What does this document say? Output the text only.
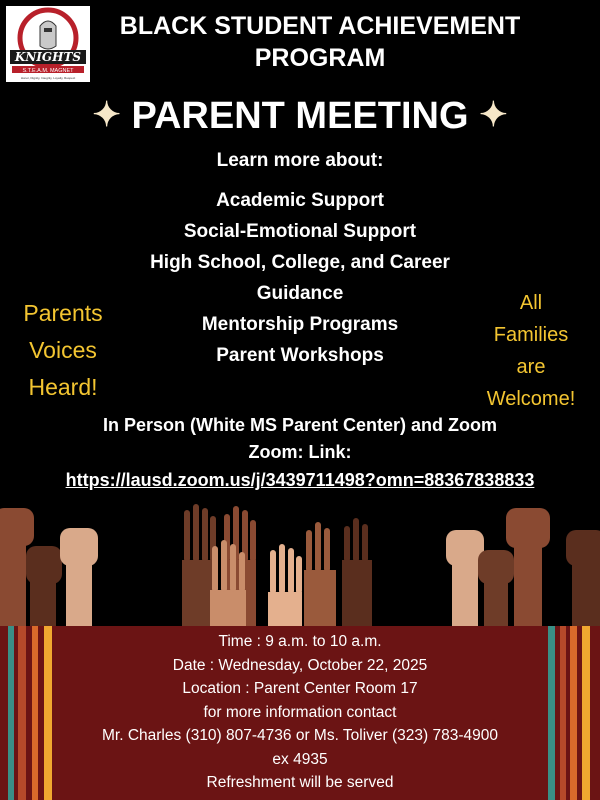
KNIGHTS
S.T.E.A.M. MAGNET
Honor, Dignity, Integrity, Loyalty, Respect
BLACK STUDENT ACHIEVEMENT
PROGRAM
✦ PARENT MEETING ✦
Learn more about:
Academic Support
Social-Emotional Support
High School, College, and Career
Guidance
Mentorship Programs
Parent Workshops
Parents
Voices
Heard!
All
Families
are
Welcome!
In Person (White MS Parent Center) and Zoom
Zoom: Link:
https://lausd.zoom.us/j/3439711498?omn=88367838833
Time : 9 a.m. to 10 a.m.
Date : Wednesday, October 22, 2025
Location : Parent Center Room 17
for more information contact
Mr. Charles (310) 807-4736 or Ms. Toliver (323) 783-4900
ex 4935
Refreshment will be served
